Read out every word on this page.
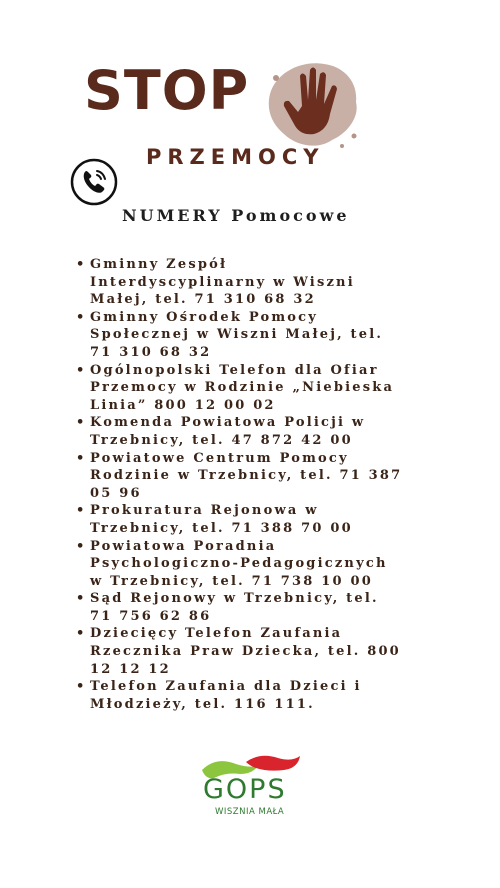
STOP
PRZEMOCY
NUMERY Pomocowe
• Gminny Zespół
Interdyscyplinarny w Wiszni
Małej, tel. 71 310 68 32
• Gminny Ośrodek Pomocy
Społecznej w Wiszni Małej, tel.
71 310 68 32
• Ogólnopolski Telefon dla Ofiar
Przemocy w Rodzinie „Niebieska
Linia” 800 12 00 02
• Komenda Powiatowa Policji w
Trzebnicy, tel. 47 872 42 00
• Powiatowe Centrum Pomocy
Rodzinie w Trzebnicy, tel. 71 387
05 96
• Prokuratura Rejonowa w
Trzebnicy, tel. 71 388 70 00
• Powiatowa Poradnia
Psychologiczno-Pedagogicznych
w Trzebnicy, tel. 71 738 10 00
• Sąd Rejonowy w Trzebnicy, tel.
71 756 62 86
• Dziecięcy Telefon Zaufania
Rzecznika Praw Dziecka, tel. 800
12 12 12
• Telefon Zaufania dla Dzieci i
Młodzieży, tel. 116 111.
GOPS
WISZNIA MAŁA
